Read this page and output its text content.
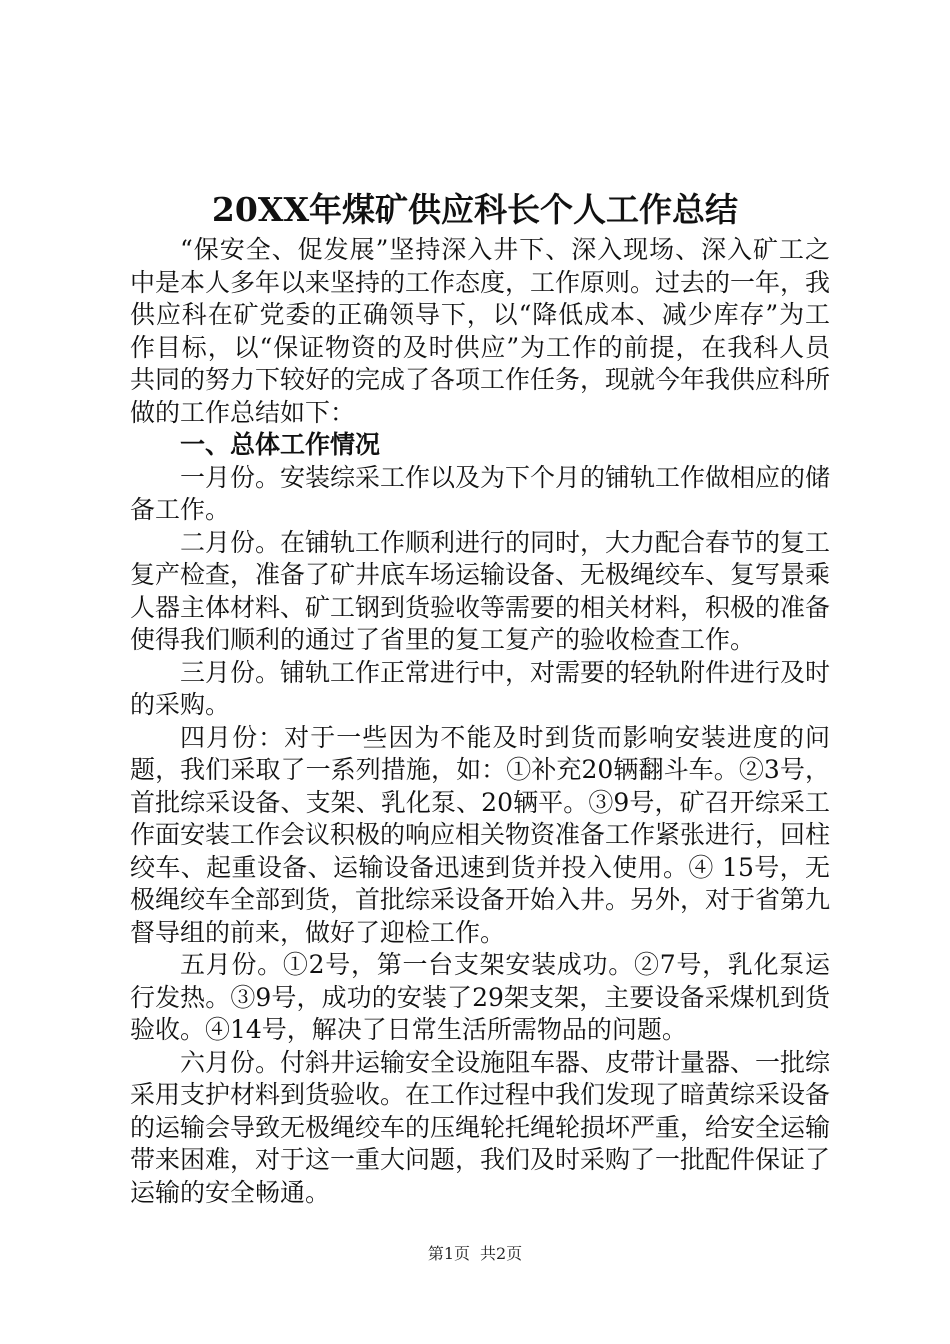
20XX年煤矿供应科长个人工作总结

“保安全、促发展”坚持深入井下、深入现场、深入矿工之中是本人多年以来坚持的工作态度，工作原则。过去的一年，我供应科在矿党委的正确领导下，以“降低成本、减少库存”为工作目标，以“保证物资的及时供应”为工作的前提，在我科人员共同的努力下较好的完成了各项工作任务，现就今年我供应科所做的工作总结如下：

一、总体工作情况

一月份。安装综采工作以及为下个月的铺轨工作做相应的储备工作。

二月份。在铺轨工作顺利进行的同时，大力配合春节的复工复产检查，准备了矿井底车场运输设备、无极绳绞车、复写景乘人器主体材料、矿工钢到货验收等需要的相关材料，积极的准备使得我们顺利的通过了省里的复工复产的验收检查工作。

三月份。铺轨工作正常进行中，对需要的轻轨附件进行及时的采购。

四月份：对于一些因为不能及时到货而影响安装进度的问题，我们采取了一系列措施，如：①补充20辆翻斗车。②3号，首批综采设备、支架、乳化泵、20辆平。③9号，矿召开综采工作面安装工作会议积极的响应相关物资准备工作紧张进行，回柱绞车、起重设备、运输设备迅速到货并投入使用。④ 15号，无极绳绞车全部到货，首批综采设备开始入井。另外，对于省第九督导组的前来，做好了迎检工作。

五月份。①2号，第一台支架安装成功。②7号，乳化泵运行发热。③9号，成功的安装了29架支架，主要设备采煤机到货验收。④14号，解决了日常生活所需物品的问题。

六月份。付斜井运输安全设施阻车器、皮带计量器、一批综采用支护材料到货验收。在工作过程中我们发现了暗黄综采设备的运输会导致无极绳绞车的压绳轮托绳轮损坏严重，给安全运输带来困难，对于这一重大问题，我们及时采购了一批配件保证了运输的安全畅通。

第1页 共2页
